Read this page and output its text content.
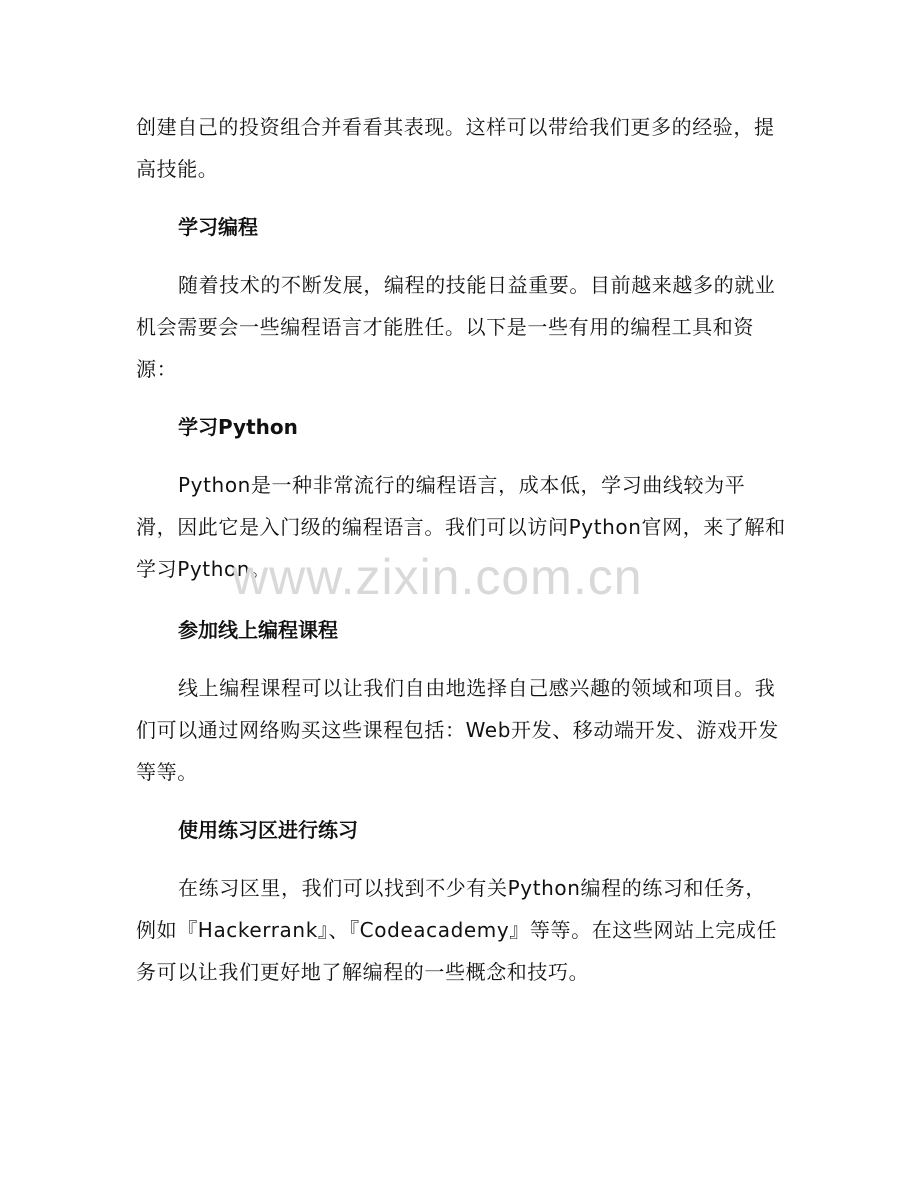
创建自己的投资组合并看看其表现。这样可以带给我们更多的经验，提高技能。

学习编程

随着技术的不断发展，编程的技能日益重要。目前越来越多的就业机会需要会一些编程语言才能胜任。以下是一些有用的编程工具和资源：

学习Python

Python是一种非常流行的编程语言，成本低，学习曲线较为平滑，因此它是入门级的编程语言。我们可以访问Python官网，来了解和学习Python。

参加线上编程课程

线上编程课程可以让我们自由地选择自己感兴趣的领域和项目。我们可以通过网络购买这些课程包括：Web开发、移动端开发、游戏开发等等。

使用练习区进行练习

在练习区里，我们可以找到不少有关Python编程的练习和任务，例如『Hackerrank』、『Codeacademy』等等。在这些网站上完成任务可以让我们更好地了解编程的一些概念和技巧。

www.zixin.com.cn
